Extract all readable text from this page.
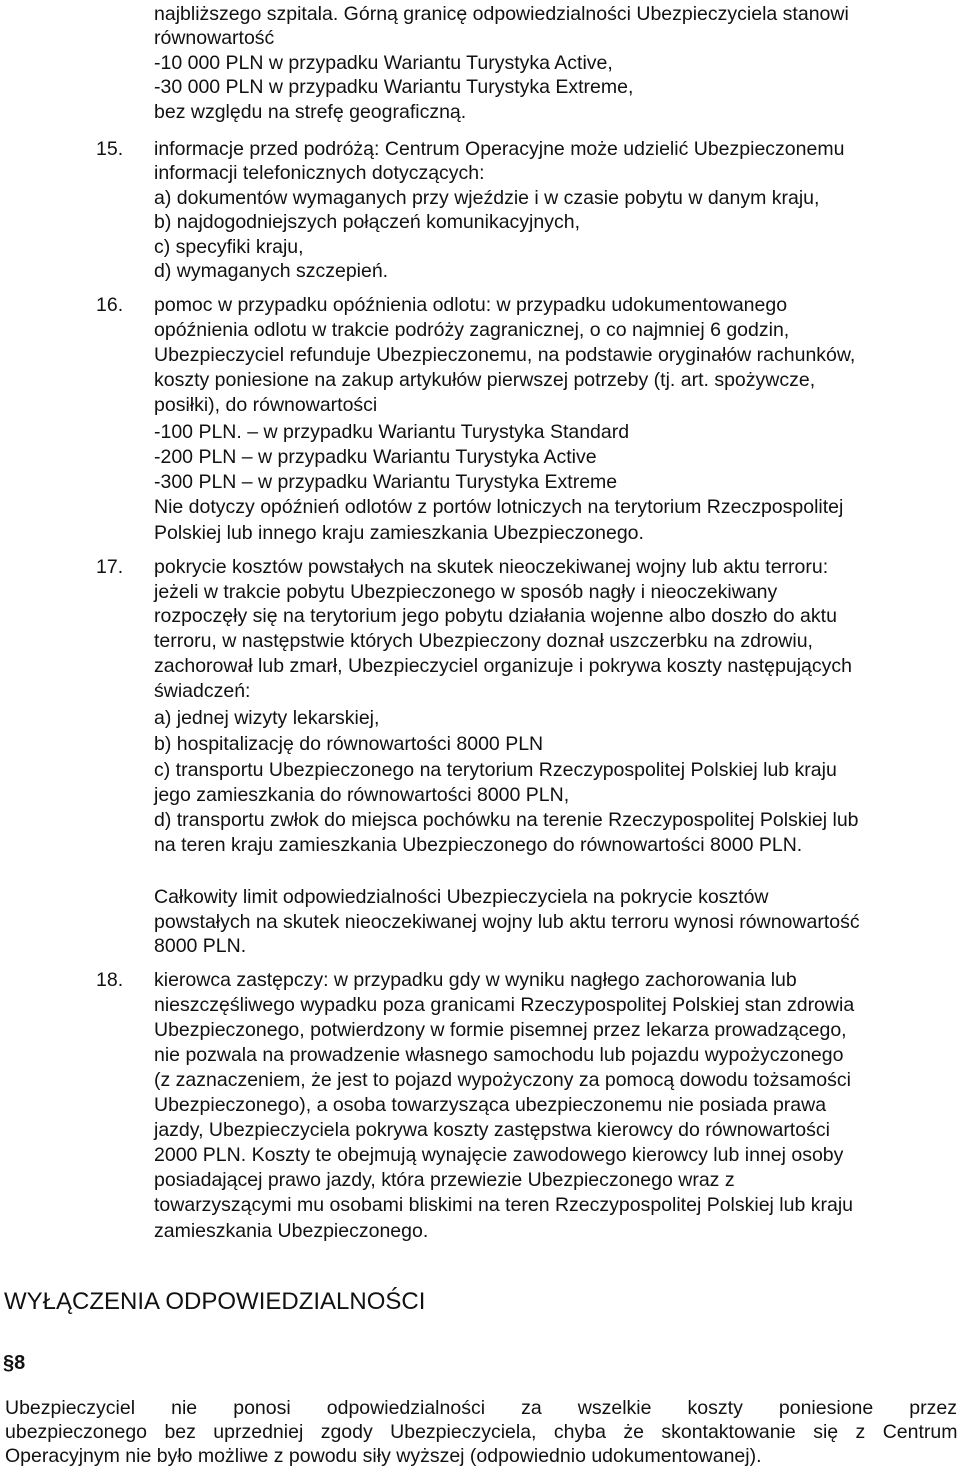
najbliższego szpitala. Górną granicę odpowiedzialności Ubezpieczyciela stanowi
równowartość
-10 000 PLN w przypadku Wariantu Turystyka Active,
-30 000 PLN w przypadku Wariantu Turystyka Extreme,
bez względu na strefę geograficzną.
15. informacje przed podróżą: Centrum Operacyjne może udzielić Ubezpieczonemu
informacji telefonicznych dotyczących:
a) dokumentów wymaganych przy wjeździe i w czasie pobytu w danym kraju,
b) najdogodniejszych połączeń komunikacyjnych,
c) specyfiki kraju,
d) wymaganych szczepień.
16. pomoc w przypadku opóźnienia odlotu: w przypadku udokumentowanego
opóźnienia odlotu w trakcie podróży zagranicznej, o co najmniej 6 godzin,
Ubezpieczyciel refunduje Ubezpieczonemu, na podstawie oryginałów rachunków,
koszty poniesione na zakup artykułów pierwszej potrzeby (tj. art. spożywcze,
posiłki), do równowartości
-100 PLN. – w przypadku Wariantu Turystyka Standard
-200 PLN – w przypadku Wariantu Turystyka Active
-300 PLN – w przypadku Wariantu Turystyka Extreme
Nie dotyczy opóźnień odlotów z portów lotniczych na terytorium Rzeczpospolitej
Polskiej lub innego kraju zamieszkania Ubezpieczonego.
17. pokrycie kosztów powstałych na skutek nieoczekiwanej wojny lub aktu terroru:
jeżeli w trakcie pobytu Ubezpieczonego w sposób nagły i nieoczekiwany
rozpoczęły się na terytorium jego pobytu działania wojenne albo doszło do aktu
terroru, w następstwie których Ubezpieczony doznał uszczerbku na zdrowiu,
zachorował lub zmarł, Ubezpieczyciel organizuje i pokrywa koszty następujących
świadczeń:
a) jednej wizyty lekarskiej,
b) hospitalizację do równowartości 8000 PLN
c) transportu Ubezpieczonego na terytorium Rzeczypospolitej Polskiej lub kraju
jego zamieszkania do równowartości 8000 PLN,
d) transportu zwłok do miejsca pochówku na terenie Rzeczypospolitej Polskiej lub
na teren kraju zamieszkania Ubezpieczonego do równowartości 8000 PLN.
Całkowity limit odpowiedzialności Ubezpieczyciela na pokrycie kosztów
powstałych na skutek nieoczekiwanej wojny lub aktu terroru wynosi równowartość
8000 PLN.
18. kierowca zastępczy: w przypadku gdy w wyniku nagłego zachorowania lub
nieszczęśliwego wypadku poza granicami Rzeczypospolitej Polskiej stan zdrowia
Ubezpieczonego, potwierdzony w formie pisemnej przez lekarza prowadzącego,
nie pozwala na prowadzenie własnego samochodu lub pojazdu wypożyczonego
(z zaznaczeniem, że jest to pojazd wypożyczony za pomocą dowodu tożsamości
Ubezpieczonego), a osoba towarzysząca ubezpieczonemu nie posiada prawa
jazdy, Ubezpieczyciela pokrywa koszty zastępstwa kierowcy do równowartości
2000 PLN. Koszty te obejmują wynajęcie zawodowego kierowcy lub innej osoby
posiadającej prawo jazdy, która przewiezie Ubezpieczonego wraz z
towarzyszącymi mu osobami bliskimi na teren Rzeczypospolitej Polskiej lub kraju
zamieszkania Ubezpieczonego.
WYŁĄCZENIA ODPOWIEDZIALNOŚCI
§8
Ubezpieczyciel nie ponosi odpowiedzialności za wszelkie koszty poniesione przez
ubezpieczonego bez uprzedniej zgody Ubezpieczyciela, chyba że skontaktowanie się z Centrum
Operacyjnym nie było możliwe z powodu siły wyższej (odpowiednio udokumentowanej).
